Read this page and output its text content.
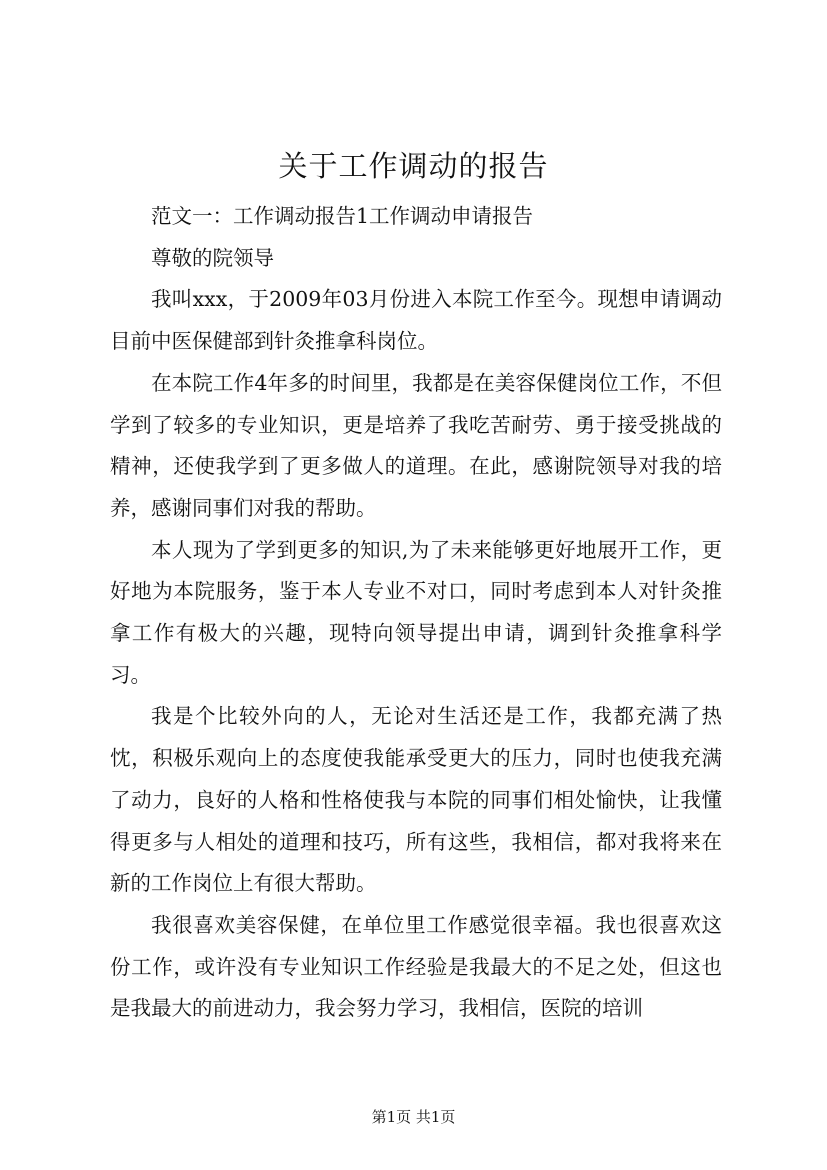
关于工作调动的报告

范文一：工作调动报告1工作调动申请报告

尊敬的院领导

我叫xxx，于2009年03月份进入本院工作至今。现想申请调动目前中医保健部到针灸推拿科岗位。

在本院工作4年多的时间里，我都是在美容保健岗位工作，不但学到了较多的专业知识，更是培养了我吃苦耐劳、勇于接受挑战的精神，还使我学到了更多做人的道理。在此，感谢院领导对我的培养，感谢同事们对我的帮助。

本人现为了学到更多的知识,为了未来能够更好地展开工作，更好地为本院服务，鉴于本人专业不对口，同时考虑到本人对针灸推拿工作有极大的兴趣，现特向领导提出申请，调到针灸推拿科学习。

我是个比较外向的人，无论对生活还是工作，我都充满了热忱，积极乐观向上的态度使我能承受更大的压力，同时也使我充满了动力，良好的人格和性格使我与本院的同事们相处愉快，让我懂得更多与人相处的道理和技巧，所有这些，我相信，都对我将来在新的工作岗位上有很大帮助。

我很喜欢美容保健，在单位里工作感觉很幸福。我也很喜欢这份工作，或许没有专业知识工作经验是我最大的不足之处，但这也是我最大的前进动力，我会努力学习，我相信，医院的培训

第1页 共1页
